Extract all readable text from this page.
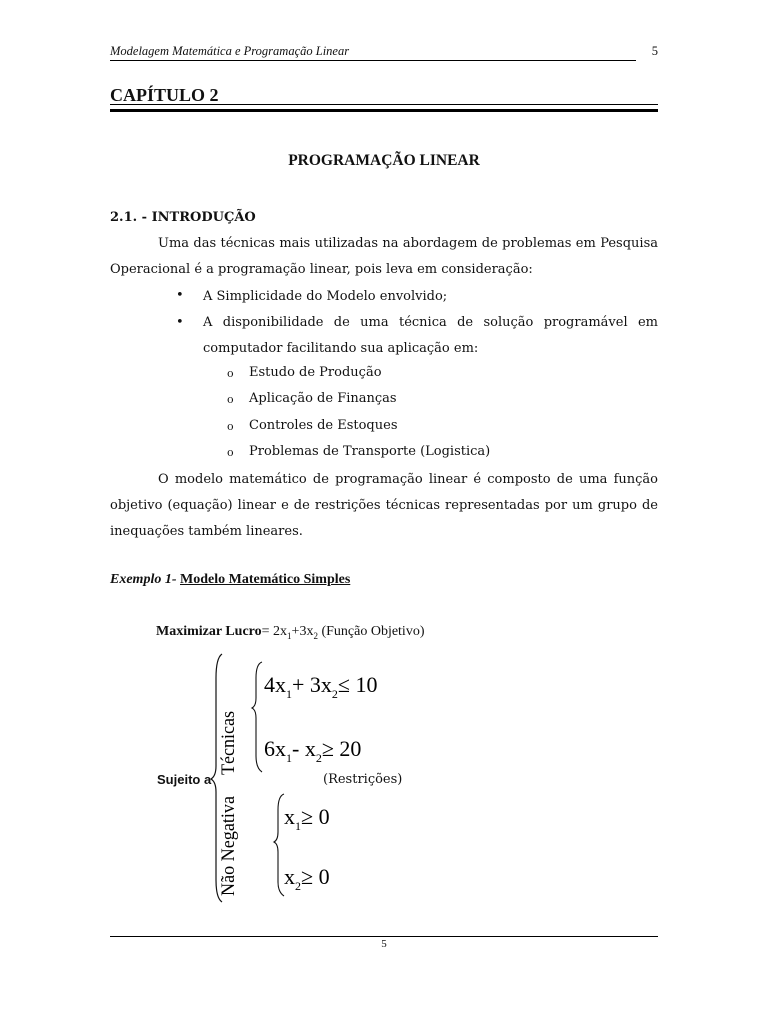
Modelagem Matemática e Programação Linear	5
CAPÍTULO 2
PROGRAMAÇÃO LINEAR
2.1. - INTRODUÇÃO
Uma das técnicas mais utilizadas na abordagem de problemas em Pesquisa
Operacional é a programação linear, pois leva em consideração:
• A Simplicidade do Modelo envolvido;
• A disponibilidade de uma técnica de solução programável em
computador facilitando sua aplicação em:
o Estudo de Produção
o Aplicação de Finanças
o Controles de Estoques
o Problemas de Transporte (Logistica)
O modelo matemático de programação linear é composto de uma função
objetivo (equação) linear e de restrições técnicas representadas por um grupo de
inequações também lineares.
Exemplo 1- Modelo Matemático Simples
Maximizar Lucro= $2x_1+3x_2$ (Função Objetivo)
Técnicas
$4x_1+ 3x_2\le 10$
$6x_1-$ $x_2\ge 20$
Não Negativa $x_1\ge 0$
$x_2\ge 0$
Sujeito a	(Restrições)
5
